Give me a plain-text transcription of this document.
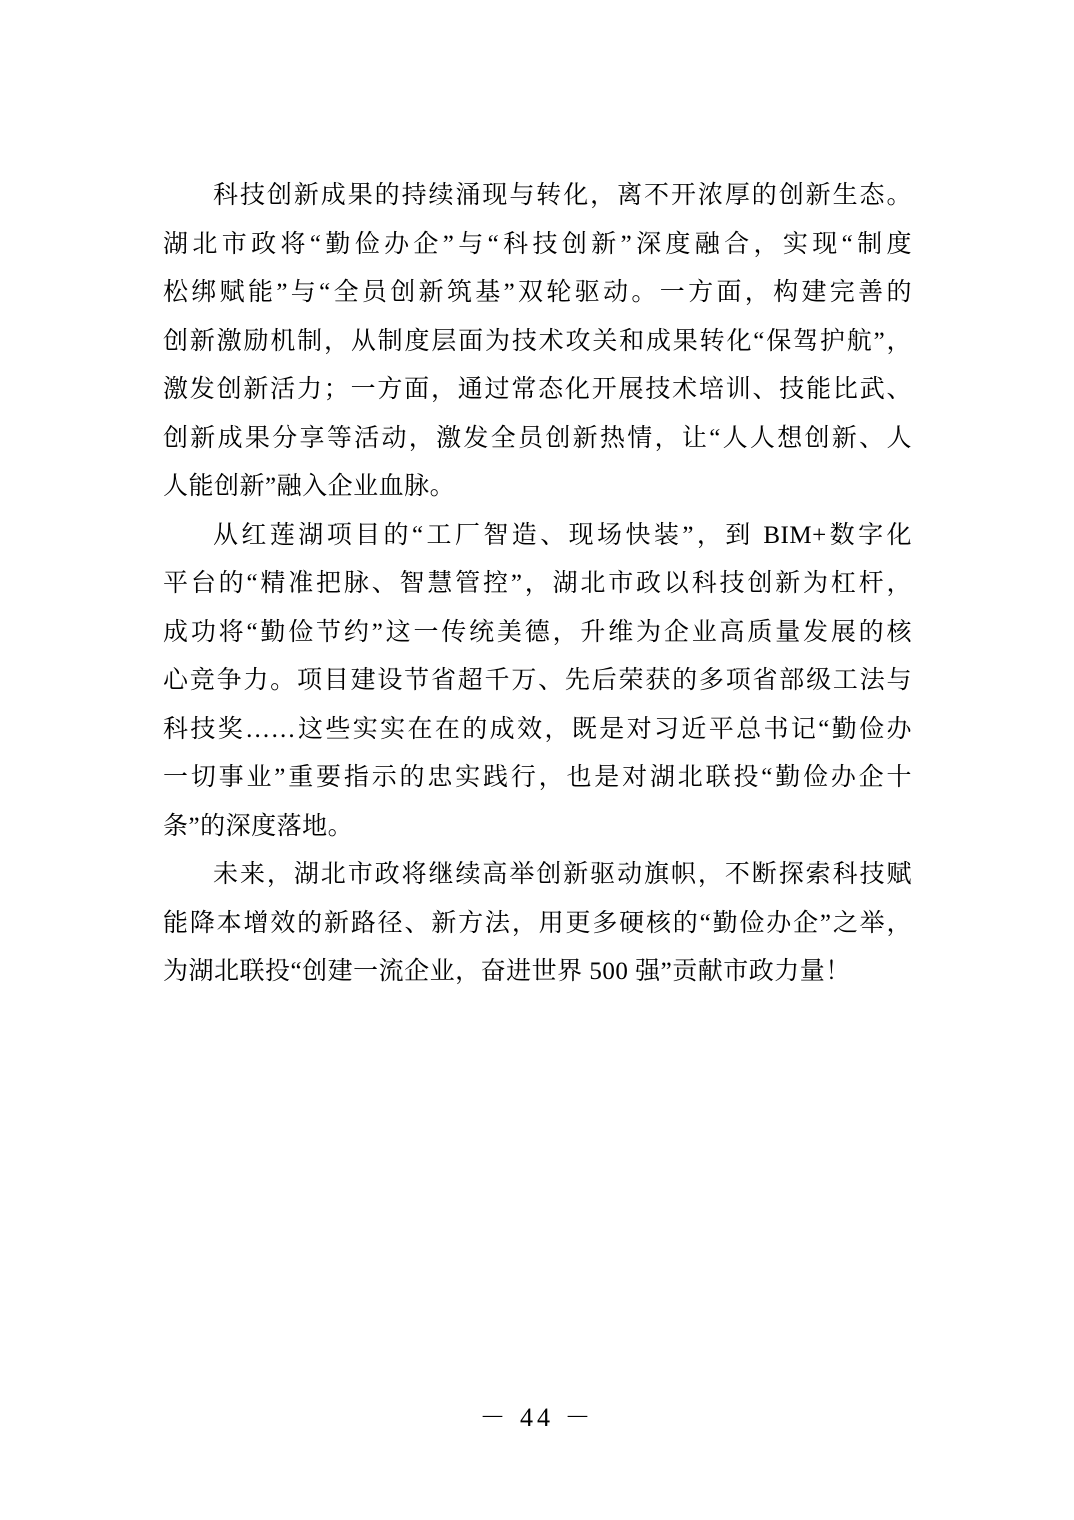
科技创新成果的持续涌现与转化，离不开浓厚的创新生态。
湖北市政将“勤俭办企”与“科技创新”深度融合，实现“制度
松绑赋能”与“全员创新筑基”双轮驱动。一方面，构建完善的
创新激励机制，从制度层面为技术攻关和成果转化“保驾护航”，
激发创新活力；一方面，通过常态化开展技术培训、技能比武、
创新成果分享等活动，激发全员创新热情，让“人人想创新、人
人能创新”融入企业血脉。
从红莲湖项目的“工厂智造、现场快装”，到 BIM+数字化
平台的“精准把脉、智慧管控”，湖北市政以科技创新为杠杆，
成功将“勤俭节约”这一传统美德，升维为企业高质量发展的核
心竞争力。项目建设节省超千万、先后荣获的多项省部级工法与
科技奖……这些实实在在的成效，既是对习近平总书记“勤俭办
一切事业”重要指示的忠实践行，也是对湖北联投“勤俭办企十
条”的深度落地。
未来，湖北市政将继续高举创新驱动旗帜，不断探索科技赋
能降本增效的新路径、新方法，用更多硬核的“勤俭办企”之举，
为湖北联投“创建一流企业，奋进世界 500 强”贡献市政力量！
－ 44 －
